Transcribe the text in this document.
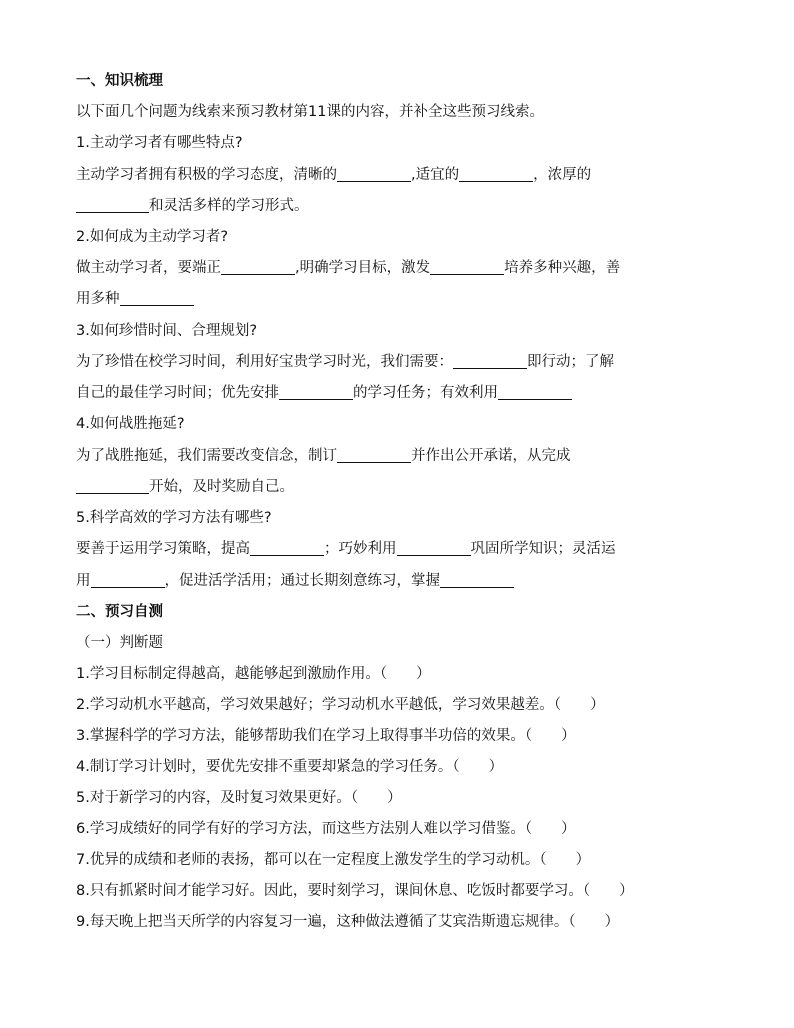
一、知识梳理

以下面几个问题为线索来预习教材第11课的内容，并补全这些预习线索。

1.主动学习者有哪些特点?

主动学习者拥有积极的学习态度，清晰的	,适宜的	，浓厚的

和灵活多样的学习形式。

2.如何成为主动学习者?

做主动学习者，要端正	,明确学习目标，激发	培养多种兴趣，善

用多种

3.如何珍惜时间、合理规划?

为了珍惜在校学习时间，利用好宝贵学习时光，我们需要：	即行动；了解

自己的最佳学习时间；优先安排	的学习任务；有效利用

4.如何战胜拖延?

为了战胜拖延，我们需要改变信念，制订	并作出公开承诺，从完成

开始，及时奖励自己。

5.科学高效的学习方法有哪些?

要善于运用学习策略，提高	；巧妙利用	巩固所学知识；灵活运

用	，促进活学活用；通过长期刻意练习，掌握

二、预习自测

（一）判断题

1.学习目标制定得越高，越能够起到激励作用。（　　）

2.学习动机水平越高，学习效果越好；学习动机水平越低，学习效果越差。（　　）

3.掌握科学的学习方法，能够帮助我们在学习上取得事半功倍的效果。（　　）

4.制订学习计划时，要优先安排不重要却紧急的学习任务。（　　）

5.对于新学习的内容，及时复习效果更好。（　　）

6.学习成绩好的同学有好的学习方法，而这些方法别人难以学习借鉴。（　　）

7.优异的成绩和老师的表扬，都可以在一定程度上激发学生的学习动机。（　　）

8.只有抓紧时间才能学习好。因此，要时刻学习，课间休息、吃饭时都要学习。（　　）

9.每天晚上把当天所学的内容复习一遍，这种做法遵循了艾宾浩斯遗忘规律。（　　）
